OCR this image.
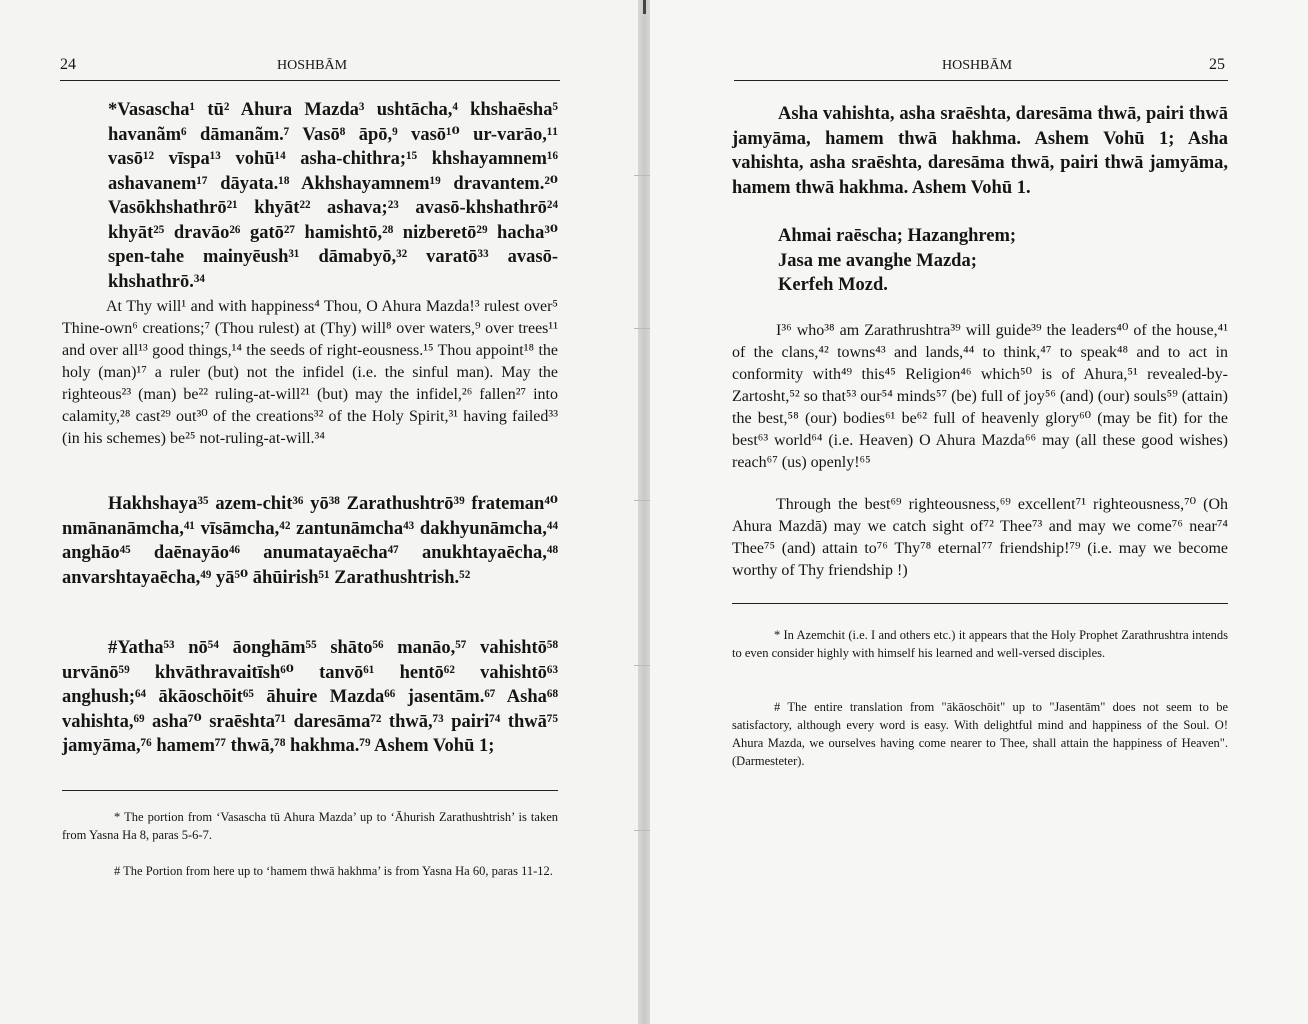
24	HOSHBĀM
*Vasascha¹ tū² Ahura Mazda³ ushtācha,⁴ khshaēsha⁵ havanãm⁶ dāmanãm.⁷ Vasō⁸ āpō,⁹ vasō¹⁰ ur-varāo,¹¹ vasō¹² vīspa¹³ vohū¹⁴ asha-chithra;¹⁵ khshayamnem¹⁶ ashavanem¹⁷ dāyata.¹⁸ Akhshayamnem¹⁹ dravantem.²⁰ Vasōkhshathrō²¹ khyāt²² ashava;²³ avasō-khshathrō²⁴ khyāt²⁵ dravāo²⁶ gatō²⁷ hamishtō,²⁸ nizberetō²⁹ hacha³⁰ spen-tahe mainyēush³¹ dāmabyō,³² varatō³³ avasō- khshathrō.³⁴
At Thy will¹ and with happiness⁴ Thou, O Ahura Mazda!³ rulest over⁵ Thine-own⁶ creations;⁷ (Thou rulest) at (Thy) will⁸ over waters,⁹ over trees¹¹ and over all¹³ good things,¹⁴ the seeds of right-eousness.¹⁵ Thou appoint¹⁸ the holy (man)¹⁷ a ruler (but) not the infidel (i.e. the sinful man). May the righteous²³ (man) be²² ruling-at-will²¹ (but) may the infidel,²⁶ fallen²⁷ into calamity,²⁸ cast²⁹ out³⁰ of the creations³² of the Holy Spirit,³¹ having failed³³ (in his schemes) be²⁵ not-ruling-at-will.³⁴
Hakhshaya³⁵ azem-chit³⁶ yō³⁸ Zarathushtrō³⁹ frateman⁴⁰ nmānanāmcha,⁴¹ vīsāmcha,⁴² zantunāmcha⁴³ dakhyunāmcha,⁴⁴ anghāo⁴⁵ daēnayāo⁴⁶ anumatayaēcha⁴⁷ anukhtayaēcha,⁴⁸ anvarshtayaēcha,⁴⁹ yā⁵⁰ āhūirish⁵¹ Zarathushtrish.⁵²
#Yatha⁵³ nō⁵⁴ āonghām⁵⁵ shāto⁵⁶ manāo,⁵⁷ vahishtō⁵⁸ urvānō⁵⁹ khvāthravaitīsh⁶⁰ tanvō⁶¹ hentō⁶² vahishtō⁶³ anghush;⁶⁴ ākāoschōit⁶⁵ āhuire Mazda⁶⁶ jasentām.⁶⁷ Asha⁶⁸ vahishta,⁶⁹ asha⁷⁰ sraēshta⁷¹ daresāma⁷² thwā,⁷³ pairi⁷⁴ thwā⁷⁵ jamyāma,⁷⁶ hamem⁷⁷ thwā,⁷⁸ hakhma.⁷⁹ Ashem Vohū 1;
* The portion from ‘Vasascha tū Ahura Mazda’ up to ‘Āhurish Zarathushtrish’ is taken from Yasna Ha 8, paras 5-6-7.
# The Portion from here up to ‘hamem thwā hakhma’ is from Yasna Ha 60, paras 11-12.
HOSHBĀM	25
Asha vahishta, asha sraēshta, daresāma thwā, pairi thwā jamyāma, hamem thwā hakhma. Ashem Vohū 1; Asha vahishta, asha sraēshta, daresāma thwā, pairi thwā jamyāma, hamem thwā hakhma. Ashem Vohū 1.
Ahmai raēscha; Hazanghrem;
Jasa me avanghe Mazda;
Kerfeh Mozd.
I³⁶ who³⁸ am Zarathrushtra³⁹ will guide³⁹ the leaders⁴⁰ of the house,⁴¹ of the clans,⁴² towns⁴³ and lands,⁴⁴ to think,⁴⁷ to speak⁴⁸ and to act in conformity with⁴⁹ this⁴⁵ Religion⁴⁶ which⁵⁰ is of Ahura,⁵¹ revealed-by-Zartosht,⁵² so that⁵³ our⁵⁴ minds⁵⁷ (be) full of joy⁵⁶ (and) (our) souls⁵⁹ (attain) the best,⁵⁸ (our) bodies⁶¹ be⁶² full of heavenly glory⁶⁰ (may be fit) for the best⁶³ world⁶⁴ (i.e. Heaven) O Ahura Mazda⁶⁶ may (all these good wishes) reach⁶⁷ (us) openly!⁶⁵
Through the best⁶⁹ righteousness,⁶⁹ excellent⁷¹ righteousness,⁷⁰ (Oh Ahura Mazdā) may we catch sight of⁷² Thee⁷³ and may we come⁷⁶ near⁷⁴ Thee⁷⁵ (and) attain to⁷⁶ Thy⁷⁸ eternal⁷⁷ friendship!⁷⁹ (i.e. may we become worthy of Thy friendship !)
* In Azemchit (i.e. I and others etc.) it appears that the Holy Prophet Zarathrushtra intends to even consider highly with himself his learned and well-versed disciples.
# The entire translation from "ākāoschōit" up to "Jasentām" does not seem to be satisfactory, although every word is easy. With delightful mind and happiness of the Soul. O! Ahura Mazda, we ourselves having come nearer to Thee, shall attain the happiness of Heaven". (Darmesteter).
